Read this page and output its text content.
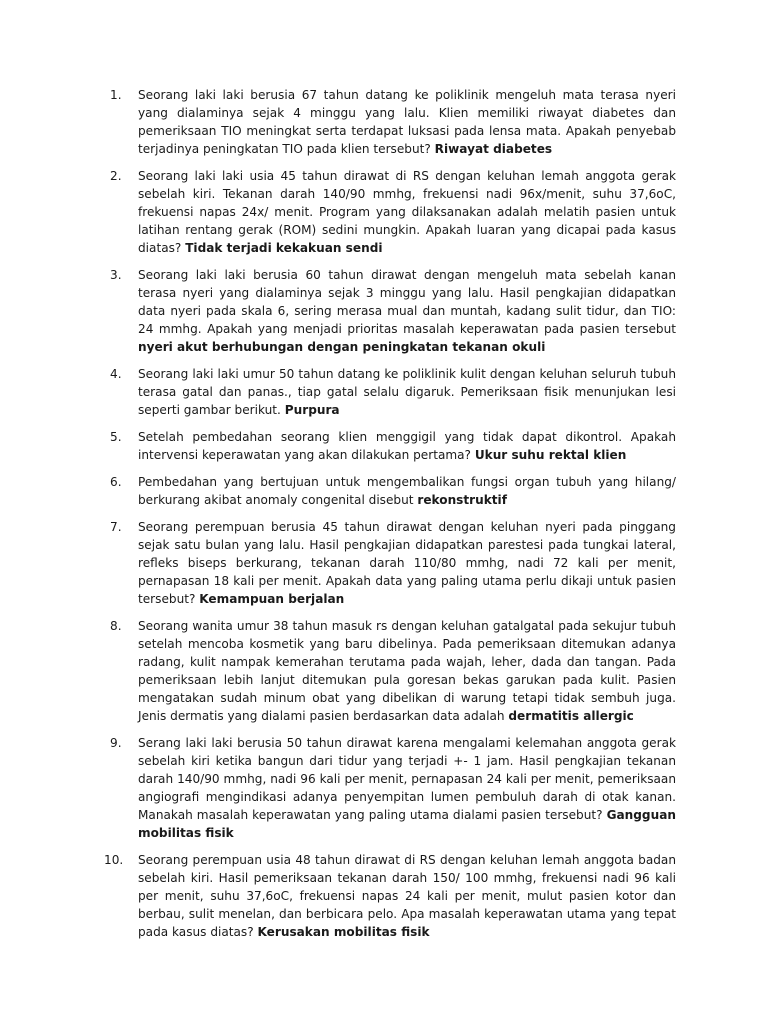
1.	Seorang laki laki berusia 67 tahun datang ke poliklinik mengeluh mata terasa nyeri yang dialaminya sejak 4 minggu yang lalu. Klien memiliki riwayat diabetes dan pemeriksaan TIO meningkat serta terdapat luksasi pada lensa mata. Apakah penyebab terjadinya peningkatan TIO pada klien tersebut? Riwayat diabetes
2.	Seorang laki laki usia 45 tahun dirawat di RS dengan keluhan lemah anggota gerak sebelah kiri. Tekanan darah 140/90 mmhg, frekuensi nadi 96x/menit, suhu 37,6oC, frekuensi napas 24x/ menit. Program yang dilaksanakan adalah melatih pasien untuk latihan rentang gerak (ROM) sedini mungkin. Apakah luaran yang dicapai pada kasus diatas? Tidak terjadi kekakuan sendi
3.	Seorang laki laki berusia 60 tahun dirawat dengan mengeluh mata sebelah kanan terasa nyeri yang dialaminya sejak 3 minggu yang lalu. Hasil pengkajian didapatkan data nyeri pada skala 6, sering merasa mual dan muntah, kadang sulit tidur, dan TIO: 24 mmhg. Apakah yang menjadi prioritas masalah keperawatan pada pasien tersebut nyeri akut berhubungan dengan peningkatan tekanan okuli
4.	Seorang laki laki umur 50 tahun datang ke poliklinik kulit dengan keluhan seluruh tubuh terasa gatal dan panas., tiap gatal selalu digaruk. Pemeriksaan fisik menunjukan lesi seperti gambar berikut. Purpura
5.	Setelah pembedahan seorang klien menggigil yang tidak dapat dikontrol. Apakah intervensi keperawatan yang akan dilakukan pertama? Ukur suhu rektal klien
6.	Pembedahan yang bertujuan untuk mengembalikan fungsi organ tubuh yang hilang/ berkurang akibat anomaly congenital disebut rekonstruktif
7.	Seorang perempuan berusia 45 tahun dirawat dengan keluhan nyeri pada pinggang sejak satu bulan yang lalu. Hasil pengkajian didapatkan parestesi pada tungkai lateral, refleks biseps berkurang, tekanan darah 110/80 mmhg, nadi 72 kali per menit, pernapasan 18 kali per menit. Apakah data yang paling utama perlu dikaji untuk pasien tersebut? Kemampuan berjalan
8.	Seorang wanita umur 38 tahun masuk rs dengan keluhan gatalgatal pada sekujur tubuh setelah mencoba kosmetik yang baru dibelinya. Pada pemeriksaan ditemukan adanya radang, kulit nampak kemerahan terutama pada wajah, leher, dada dan tangan. Pada pemeriksaan lebih lanjut ditemukan pula goresan bekas garukan pada kulit. Pasien mengatakan sudah minum obat yang dibelikan di warung tetapi tidak sembuh juga. Jenis dermatis yang dialami pasien berdasarkan data adalah dermatitis allergic
9.	Serang laki laki berusia 50 tahun dirawat karena mengalami kelemahan anggota gerak sebelah kiri ketika bangun dari tidur yang terjadi +- 1 jam. Hasil pengkajian tekanan darah 140/90 mmhg, nadi 96 kali per menit, pernapasan 24 kali per menit, pemeriksaan angiografi mengindikasi adanya penyempitan lumen pembuluh darah di otak kanan. Manakah masalah keperawatan yang paling utama dialami pasien tersebut? Gangguan mobilitas fisik
10.	Seorang perempuan usia 48 tahun dirawat di RS dengan keluhan lemah anggota badan sebelah kiri. Hasil pemeriksaan tekanan darah 150/ 100 mmhg, frekuensi nadi 96 kali per menit, suhu 37,6oC, frekuensi napas 24 kali per menit, mulut pasien kotor dan berbau, sulit menelan, dan berbicara pelo. Apa masalah keperawatan utama yang tepat pada kasus diatas? Kerusakan mobilitas fisik
